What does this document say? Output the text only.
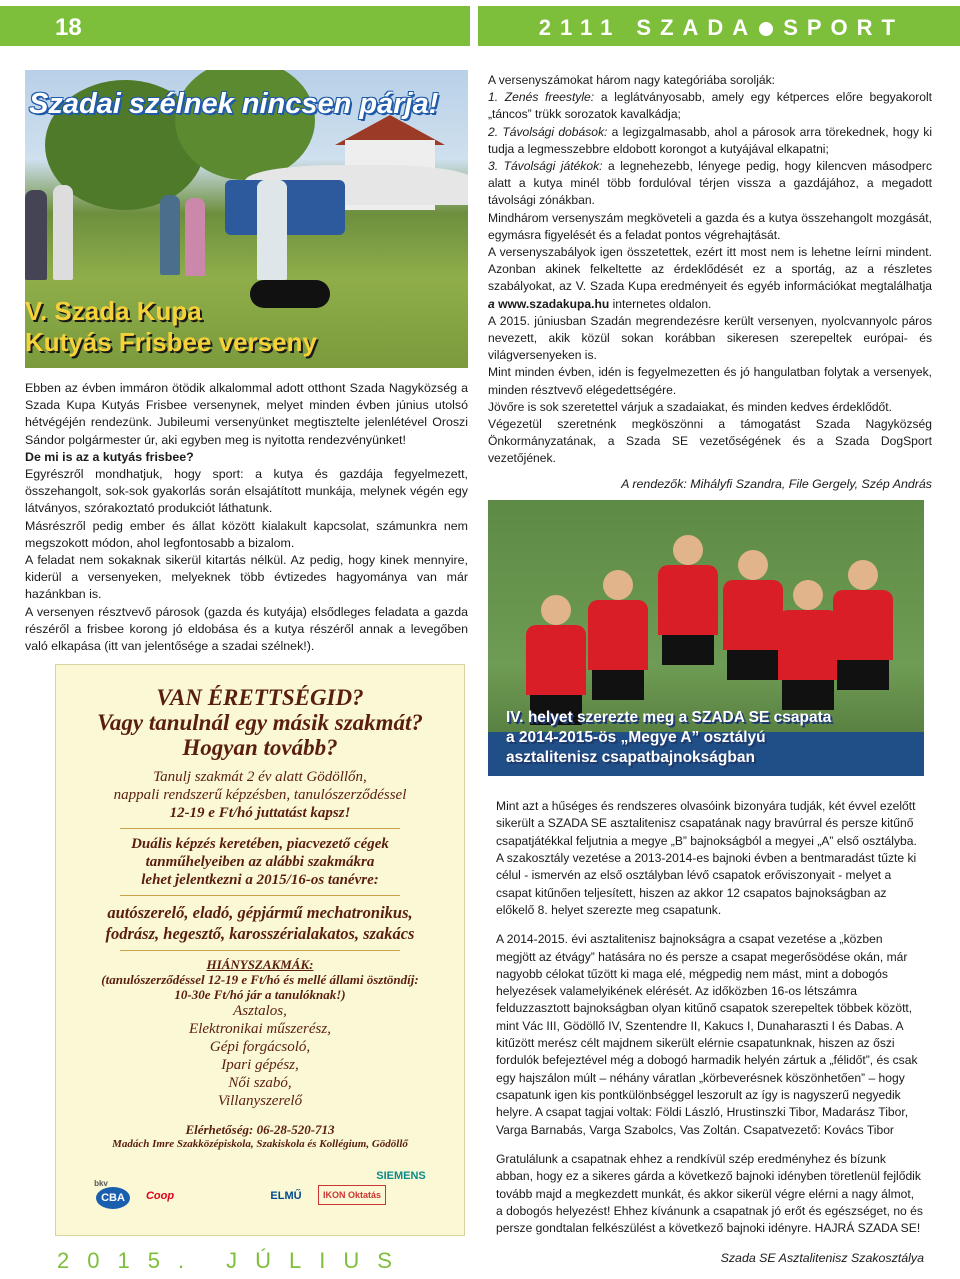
18	2111 SZADA SPORT
Szadai szélnek nincsen párja!
V. Szada Kupa
Kutyás Frisbee verseny

Ebben az évben immáron ötödik alkalommal adott otthont Szada Nagyközség a Szada Kupa Kutyás Frisbee versenynek, melyet minden évben június utolsó hétvégéjén rendezünk. Jubileumi versenyünket megtisztelte jelenlétével Oroszi Sándor polgármester úr, aki egyben meg is nyitotta rendezvényünket!

De mi is az a kutyás frisbee?

Egyrészről mondhatjuk, hogy sport: a kutya és gazdája fegyelmezett, összehangolt, sok-sok gyakorlás során elsajátított munkája, melynek végén egy látványos, szórakoztató produkciót láthatunk.

Másrészről pedig ember és állat között kialakult kapcsolat, számunkra nem megszokott módon, ahol legfontosabb a bizalom.

A feladat nem sokaknak sikerül kitartás nélkül. Az pedig, hogy kinek mennyire, kiderül a versenyeken, melyeknek több évtizedes hagyománya van már hazánkban is.

A versenyen résztvevő párosok (gazda és kutyája) elsődleges feladata a gazda részéről a frisbee korong jó eldobása és a kutya részéről annak a levegőben való elkapása (itt van jelentősége a szadai szélnek!).

VAN ÉRETTSÉGID?
Vagy tanulnál egy másik szakmát?
Hogyan tovább?
Tanulj szakmát 2 év alatt Gödöllőn,
nappali rendszerű képzésben, tanulószerződéssel
12-19 e Ft/hó juttatást kapsz!
Duális képzés keretében, piacvezető cégek
tanműhelyeiben az alábbi szakmákra
lehet jelentkezni a 2015/16-os tanévre:
autószerelő, eladó, gépjármű mechatronikus,
fodrász, hegesztő, karosszérialakatos, szakács
HIÁNYSZAKMÁK:
(tanulószerződéssel 12-19 e Ft/hó és mellé állami ösztöndíj:
10-30e Ft/hó jár a tanulóknak!)
Asztalos,
Elektronikai műszerész,
Gépi forgácsoló,
Ipari gépész,
Női szabó,
Villanyszerelő
Elérhetőség: 06-28-520-713
Madách Imre Szakközépiskola, Szakiskola és Kollégium, Gödöllő
bkv
CBA	Coop	ELMŰ	IKON Oktatás
SIEMENS

A versenyszámokat három nagy kategóriába sorolják:

1. Zenés freestyle: a leglátványosabb, amely egy kétperces előre begyakorolt „táncos” trükk sorozatok kavalkádja;

2. Távolsági dobások: a legizgalmasabb, ahol a párosok arra törekednek, hogy ki tudja a legmesszebbre eldobott korongot a kutyájával elkapatni;

3. Távolsági játékok: a legnehezebb, lényege pedig, hogy kilencven másodperc alatt a kutya minél több fordulóval térjen vissza a gazdájához, a megadott távolsági zónákban.

Mindhárom versenyszám megköveteli a gazda és a kutya összehangolt mozgását, egymásra figyelését és a feladat pontos végrehajtását.

A versenyszabályok igen összetettek, ezért itt most nem is lehetne leírni mindent. Azonban akinek felkeltette az érdeklődését ez a sportág, az a részletes szabályokat, az V. Szada Kupa eredményeit és egyéb információkat megtalálhatja a www.szadakupa.hu internetes oldalon.

A 2015. júniusban Szadán megrendezésre került versenyen, nyolcvannyolc páros nevezett, akik közül sokan korábban sikeresen szerepeltek európai- és világversenyeken is.

Mint minden évben, idén is fegyelmezetten és jó hangulatban folytak a versenyek, minden résztvevő elégedettségére.

Jövőre is sok szeretettel várjuk a szadaiakat, és minden kedves érdeklődőt.

Végezetül szeretnénk megköszönni a támogatást Szada Nagyközség Önkormányzatának, a Szada SE vezetőségének és a Szada DogSport vezetőjének.

A rendezők: Mihályfi Szandra, File Gergely, Szép András

IV. helyet szerezte meg a SZADA SE csapata
a 2014-2015-ös „Megye A” osztályú
asztalitenisz csapatbajnokságban

Mint azt a hűséges és rendszeres olvasóink bizonyára tudják, két évvel ezelőtt sikerült a SZADA SE asztalitenisz csapatának nagy bravúrral és persze kitűnő csapatjátékkal feljutnia a megye „B” bajnokságból a megyei „A” első osztályba. A szakosztály vezetése a 2013-2014-es bajnoki évben a bentmaradást tűzte ki célul - ismervén az első osztályban lévő csapatok erőviszonyait - melyet a csapat kitűnően teljesített, hiszen az akkor 12 csapatos bajnokságban az előkelő 8. helyet szerezte meg csapatunk.

A 2014-2015. évi asztalitenisz bajnokságra a csapat vezetése a „közben megjött az étvágy” hatására no és persze a csapat megerősödése okán, már nagyobb célokat tűzött ki maga elé, mégpedig nem mást, mint a dobogós helyezések valamelyikének elérését. Az időközben 16-os létszámra felduzzasztott bajnokságban olyan kitűnő csapatok szerepeltek többek között, mint Vác III, Gödöllő IV, Szentendre II, Kakucs I, Dunaharaszti I és Dabas. A kitűzött merész célt majdnem sikerült elérnie csapatunknak, hiszen az őszi fordulók befejeztével még a dobogó harmadik helyén zártuk a „félidőt”, és csak egy hajszálon múlt – néhány váratlan „körbeverésnek köszönhetően” – hogy csapatunk igen kis pontkülönbséggel leszorult az így is nagyszerű negyedik helyre. A csapat tagjai voltak: Földi László, Hrustinszki Tibor, Madarász Tibor, Varga Barnabás, Varga Szabolcs, Vas Zoltán. Csapatvezető: Kovács Tibor

Gratulálunk a csapatnak ehhez a rendkívül szép eredményhez és bízunk abban, hogy ez a sikeres gárda a következő bajnoki idényben töretlenül fejlődik tovább majd a megkezdett munkát, és akkor sikerül végre elérni a nagy álmot, a dobogós helyezést! Ehhez kívánunk a csapatnak jó erőt és egészséget, no és persze gondtalan felkészülést a következő bajnoki idényre. HAJRÁ SZADA SE!

Szada SE Asztalitenisz Szakosztálya

2015. JÚLIUS
